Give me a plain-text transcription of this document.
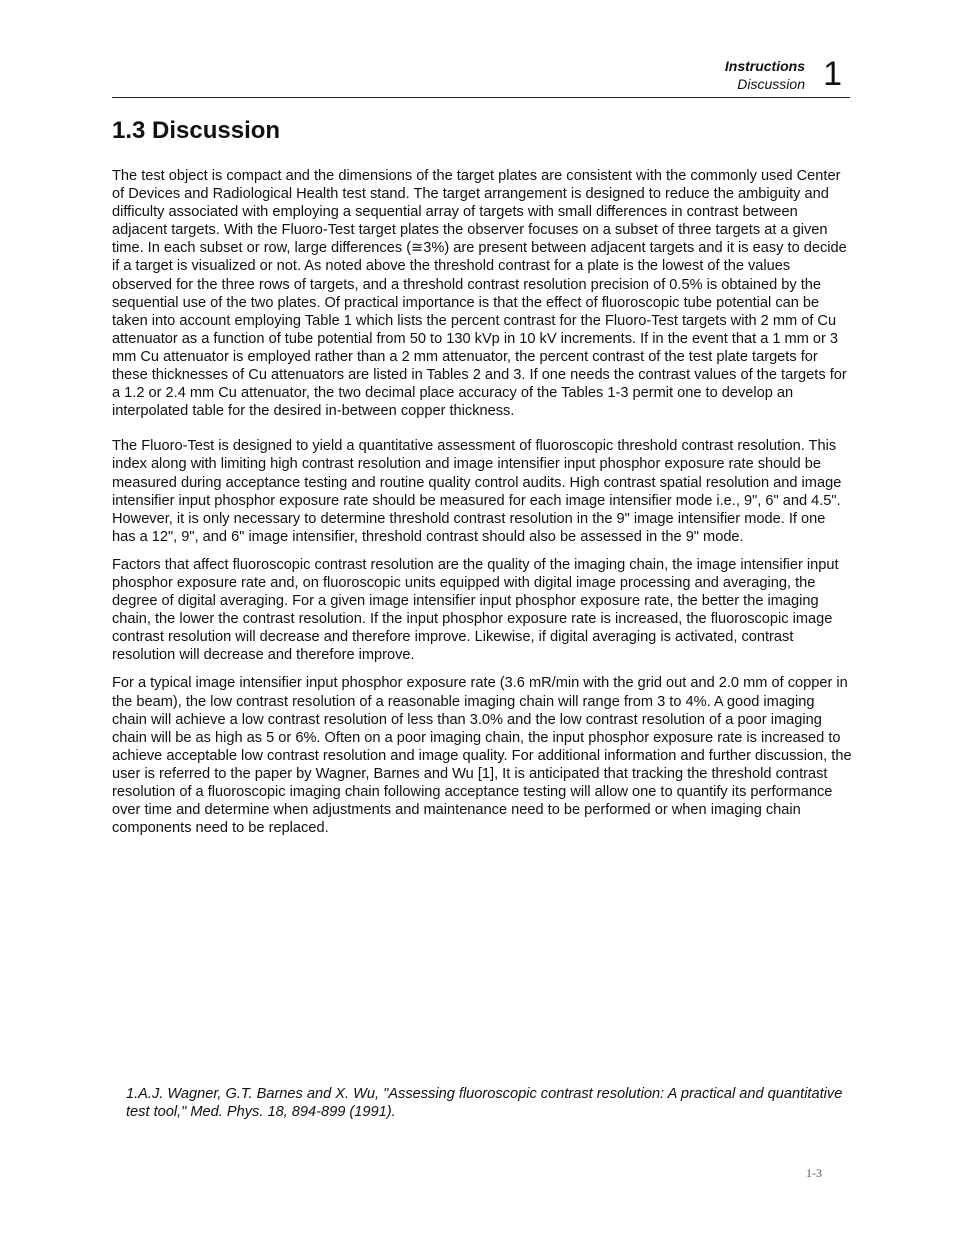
Instructions
Discussion 1
1.3 Discussion

The test object is compact and the dimensions of the target plates are consistent with the commonly used Center of Devices and Radiological Health test stand. The target arrangement is designed to reduce the ambiguity and difficulty associated with employing a sequential array of targets with small differences in contrast between adjacent targets. With the Fluoro-Test target plates the observer focuses on a subset of three targets at a given time. In each subset or row, large differences (≅3%) are present between adjacent targets and it is easy to decide if a target is visualized or not. As noted above the threshold contrast for a plate is the lowest of the values observed for the three rows of targets, and a threshold contrast resolution precision of 0.5% is obtained by the sequential use of the two plates. Of practical importance is that the effect of fluoroscopic tube potential can be taken into account employing Table 1 which lists the percent contrast for the Fluoro-Test targets with 2 mm of Cu attenuator as a function of tube potential from 50 to 130 kVp in 10 kV increments. If in the event that a 1 mm or 3 mm Cu attenuator is employed rather than a 2 mm attenuator, the percent contrast of the test plate targets for these thicknesses of Cu attenuators are listed in Tables 2 and 3. If one needs the contrast values of the targets for a 1.2 or 2.4 mm Cu attenuator, the two decimal place accuracy of the Tables 1-3 permit one to develop an interpolated table for the desired in-between copper thickness.

The Fluoro-Test is designed to yield a quantitative assessment of fluoroscopic threshold contrast resolution. This index along with limiting high contrast resolution and image intensifier input phosphor exposure rate should be measured during acceptance testing and routine quality control audits. High contrast spatial resolution and image intensifier input phosphor exposure rate should be measured for each image intensifier mode i.e., 9", 6" and 4.5". However, it is only necessary to determine threshold contrast resolution in the 9" image intensifier mode. If one has a 12", 9", and 6" image intensifier, threshold contrast should also be assessed in the 9" mode.

Factors that affect fluoroscopic contrast resolution are the quality of the imaging chain, the image intensifier input phosphor exposure rate and, on fluoroscopic units equipped with digital image processing and averaging, the degree of digital averaging. For a given image intensifier input phosphor exposure rate, the better the imaging chain, the lower the contrast resolution. If the input phosphor exposure rate is increased, the fluoroscopic image contrast resolution will decrease and therefore improve. Likewise, if digital averaging is activated, contrast resolution will decrease and therefore improve.

For a typical image intensifier input phosphor exposure rate (3.6 mR/min with the grid out and 2.0 mm of copper in the beam), the low contrast resolution of a reasonable imaging chain will range from 3 to 4%. A good imaging chain will achieve a low contrast resolution of less than 3.0% and the low contrast resolution of a poor imaging chain will be as high as 5 or 6%. Often on a poor imaging chain, the input phosphor exposure rate is increased to achieve acceptable low contrast resolution and image quality. For additional information and further discussion, the user is referred to the paper by Wagner, Barnes and Wu [1], It is anticipated that tracking the threshold contrast resolution of a fluoroscopic imaging chain following acceptance testing will allow one to quantify its performance over time and determine when adjustments and maintenance need to be performed or when imaging chain components need to be replaced.

1.A.J. Wagner, G.T. Barnes and X. Wu, "Assessing fluoroscopic contrast resolution: A practical and quantitative test tool," Med. Phys. 18, 894-899 (1991).
1-3
